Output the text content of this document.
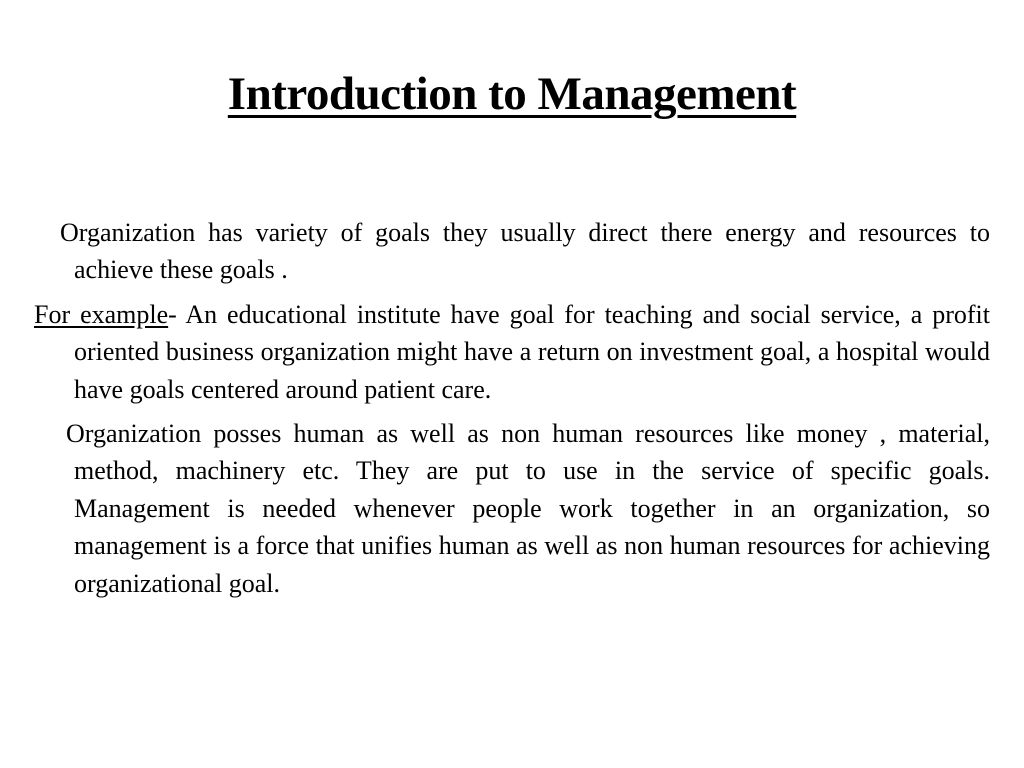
Introduction to Management

Organization has variety of goals they usually direct there energy and resources to achieve these goals .

For example- An educational institute have goal for teaching and social service, a profit oriented business organization might have a return on investment goal, a hospital would have goals centered around patient care.

Organization posses human as well as non human resources like money , material, method, machinery etc. They are put to use in the service of specific goals. Management is needed whenever people work together in an organization, so management is a force that unifies human as well as non human resources for achieving organizational goal.
